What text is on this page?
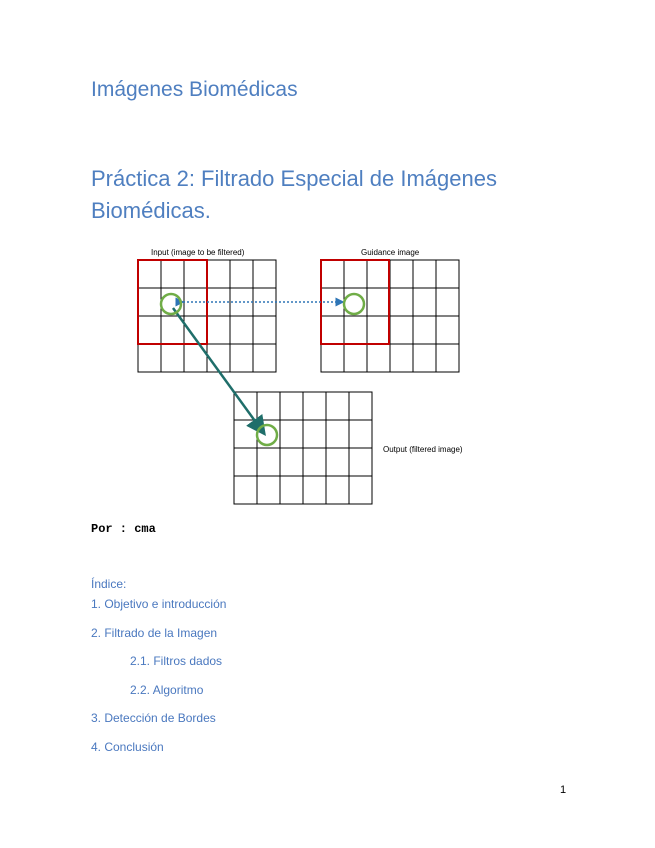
Imágenes Biomédicas
Práctica 2: Filtrado Especial de Imágenes Biomédicas.
Input (image to be filtered)	Guidance image
Output (filtered image)
Por : cma
Índice:
1. Objetivo e introducción
2. Filtrado de la Imagen
2.1. Filtros dados
2.2. Algoritmo
3. Detección de Bordes
4. Conclusión
1
